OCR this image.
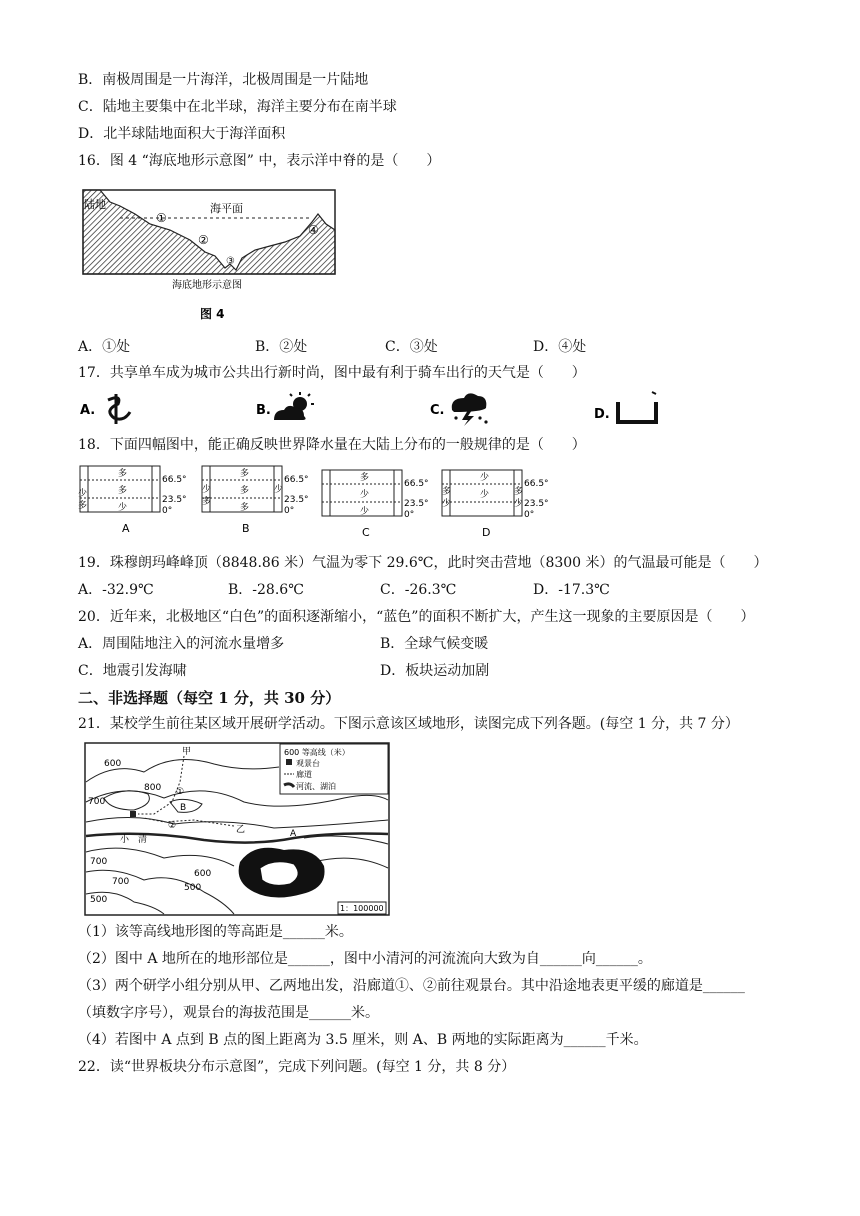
B．南极周围是一片海洋，北极周围是一片陆地
C．陆地主要集中在北半球，海洋主要分布在南半球
D．北半球陆地面积大于海洋面积
16．图 4 “海底地形示意图” 中，表示洋中脊的是（　　）
陆地	海平面
①
②
③
④
海底地形示意图
图 4
A．①处	B．②处	C．③处	D．④处
17．共享单车成为城市公共出行新时尚，图中最有利于骑车出行的天气是（　　）
A.	B.	C.	D.
18．下面四幅图中，能正确反映世界降水量在大陆上分布的一般规律的是（　　）
多
多
少
多	少
66.5°
23.5°
0°
A
多
多
少
多
少
多
66.5°
23.5°
0°
B
多
少
少
66.5°
23.5°
0°
C
少
少
多
少
多
少
66.5°
23.5°
0°
D
19．珠穆朗玛峰峰顶（8848.86 米）气温为零下 29.6℃，此时突击营地（8300 米）的气温最可能是（　　）
A．-32.9℃	B．-28.6℃	C．-26.3℃	D．-17.3℃
20．近年来，北极地区“白色”的面积逐渐缩小，“蓝色”的面积不断扩大，产生这一现象的主要原因是（　　）
A．周围陆地注入的河流水量增多	B．全球气候变暖
C．地震引发海啸	D．板块运动加剧
二、非选择题（每空 1 分，共 30 分）
21．某校学生前往某区域开展研学活动。下图示意该区域地形，读图完成下列各题。(每空 1 分，共 7 分）
600 等高线（米）
观景台
廊道
河流、湖泊
甲
乙
①
②
A
B
小　清
600
700
800
700
500
500
600
700
1：100000
（1）该等高线地形图的等高距是______米。
（2）图中 A 地所在的地形部位是______，图中小清河的河流流向大致为自______向______。
（3）两个研学小组分别从甲、乙两地出发，沿廊道①、②前往观景台。其中沿途地表更平缓的廊道是______
（填数字序号），观景台的海拔范围是______米。
（4）若图中 A 点到 B 点的图上距离为 3.5 厘米，则 A、B 两地的实际距离为______千米。
22．读“世界板块分布示意图”，完成下列问题。(每空 1 分，共 8 分）
